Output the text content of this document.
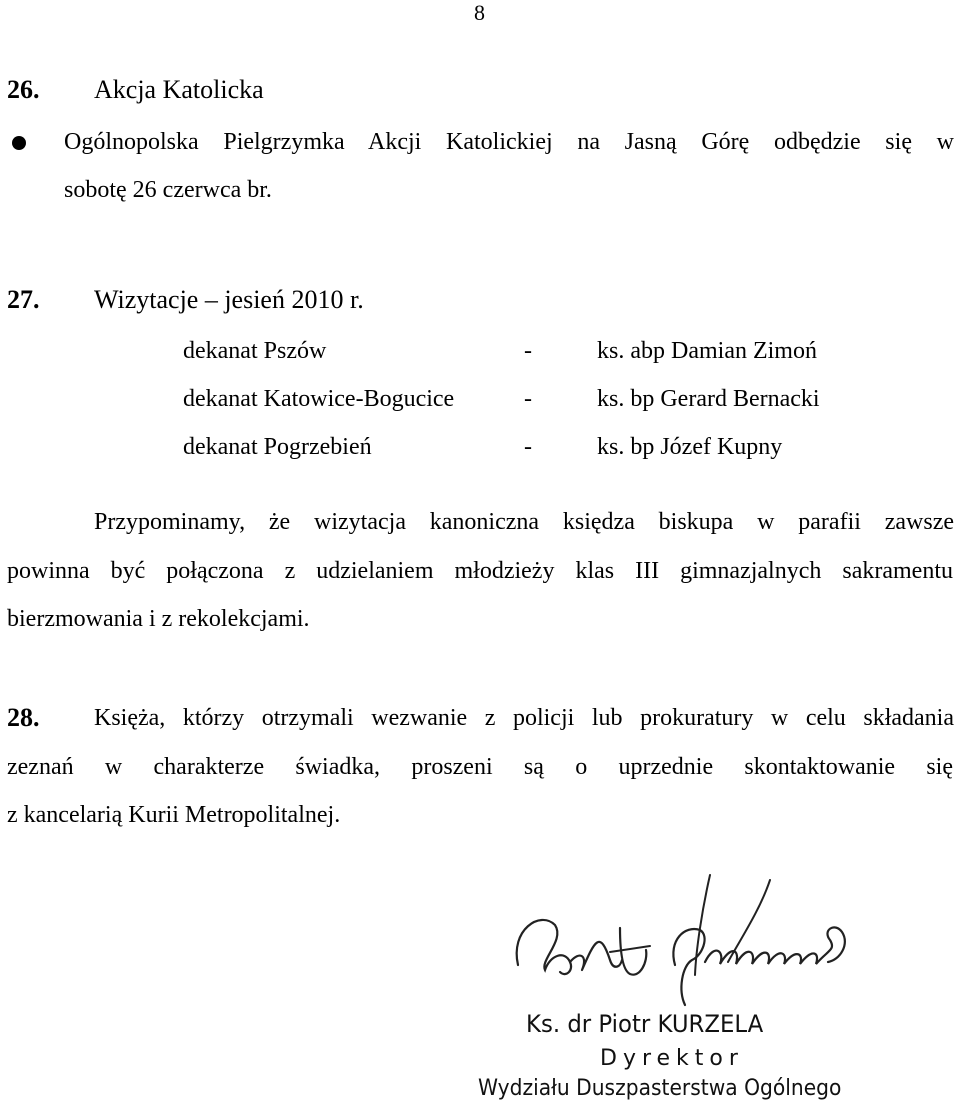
8
26. Akcja Katolicka
Ogólnopolska Pielgrzymka Akcji Katolickiej na Jasną Górę odbędzie się w
sobotę 26 czerwca br.
27. Wizytacje – jesień 2010 r.
dekanat Pszów	-	ks. abp Damian Zimoń
dekanat Katowice-Bogucice	-	ks. bp Gerard Bernacki
dekanat Pogrzebień	-	ks. bp Józef Kupny
Przypominamy, że wizytacja kanoniczna księdza biskupa w parafii zawsze
powinna być połączona z udzielaniem młodzieży klas III gimnazjalnych sakramentu
bierzmowania i z rekolekcjami.
28. Księża, którzy otrzymali wezwanie z policji lub prokuratury w celu składania
zeznań w charakterze świadka, proszeni są o uprzednie skontaktowanie się
z kancelarią Kurii Metropolitalnej.
Ks. dr Piotr KURZELA
Dyrektor
Wydziału Duszpasterstwa Ogólnego
